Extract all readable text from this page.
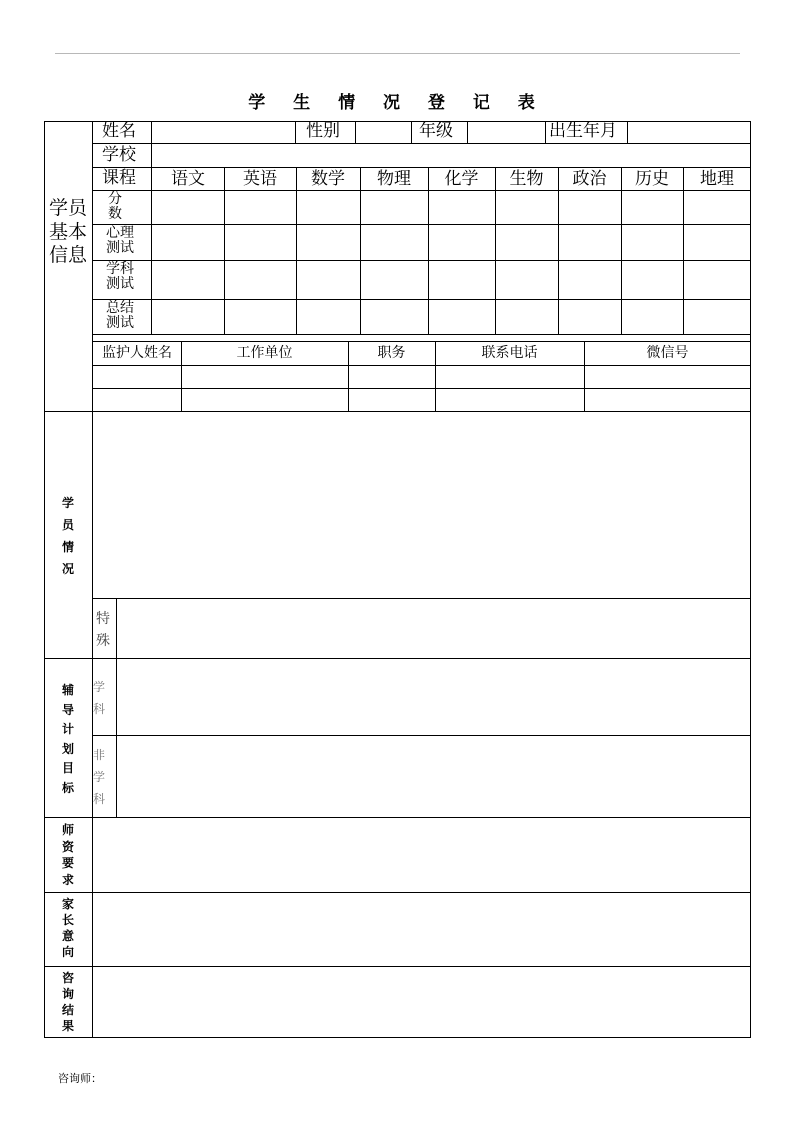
学 生 情 况 登 记 表
学员基本信息
姓名	性别	年级	出生年月
学校
课程	语文	英语	数学	物理	化学	生物	政治	历史	地理
分数
心理测试
学科测试
总结测试
监护人姓名	工作单位	职务	联系电话	微信号
学员情况
特殊
辅导计划目标
学科
非学科
师资要求
家长意向
咨询结果
咨询师：
